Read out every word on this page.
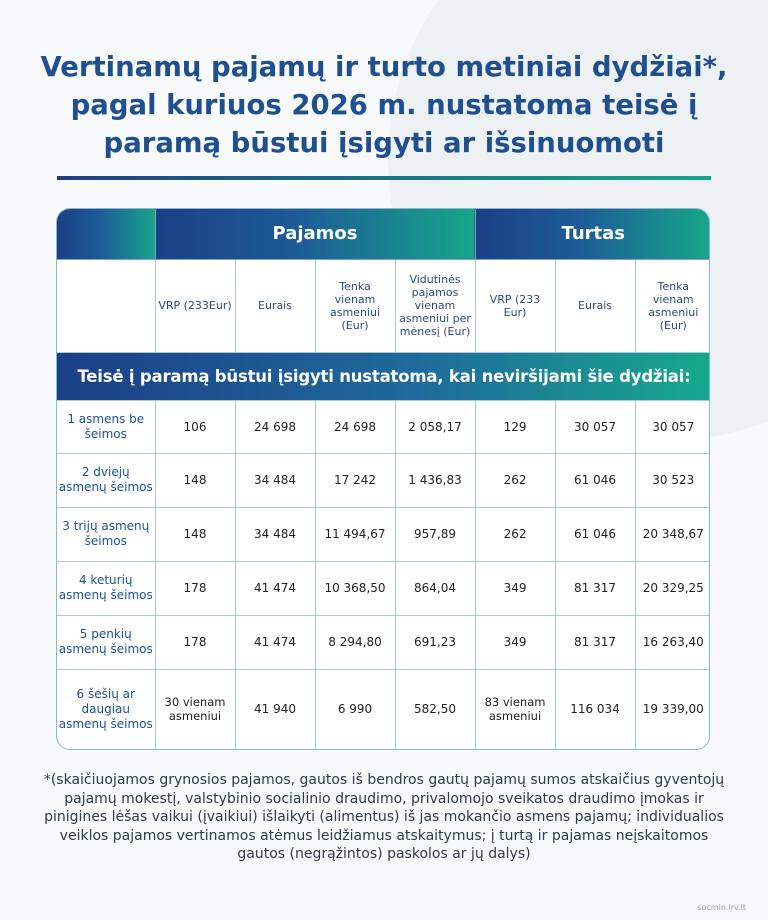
Vertinamų pajamų ir turto metiniai dydžiai*,
pagal kuriuos 2026 m. nustatoma teisė į
paramą būstui įsigyti ar išsinuomoti
	Pajamos				Turtas		
	VRP (233Eur)	Eurais	Tenka vienam asmeniui (Eur)	Vidutinės pajamos vienam asmeniui per mėnesį (Eur)	VRP (233 Eur)	Eurais	Tenka vienam asmeniui (Eur)
Teisė į paramą būstui įsigyti nustatoma, kai neviršijami šie dydžiai:							
1 asmens be šeimos	106	24 698	24 698	2 058,17	129	30 057	30 057
2 dviejų asmenų šeimos	148	34 484	17 242	1 436,83	262	61 046	30 523
3 trijų asmenų šeimos	148	34 484	11 494,67	957,89	262	61 046	20 348,67
4 keturių asmenų šeimos	178	41 474	10 368,50	864,04	349	81 317	20 329,25
5 penkių asmenų šeimos	178	41 474	8 294,80	691,23	349	81 317	16 263,40
6 šešių ar daugiau asmenų šeimos	30 vienam asmeniui	41 940	6 990	582,50	83 vienam asmeniui	116 034	19 339,00

*(skaičiuojamos grynosios pajamos, gautos iš bendros gautų pajamų sumos atskaičius gyventojų pajamų mokestį, valstybinio socialinio draudimo, privalomojo sveikatos draudimo įmokas ir pinigines lėšas vaikui (įvaikiui) išlaikyti (alimentus) iš jas mokančio asmens pajamų; individualios veiklos pajamos vertinamos atėmus leidžiamus atskaitymus; į turtą ir pajamas neįskaitomos gautos (negrąžintos) paskolos ar jų dalys)

socmin.lrv.lt
